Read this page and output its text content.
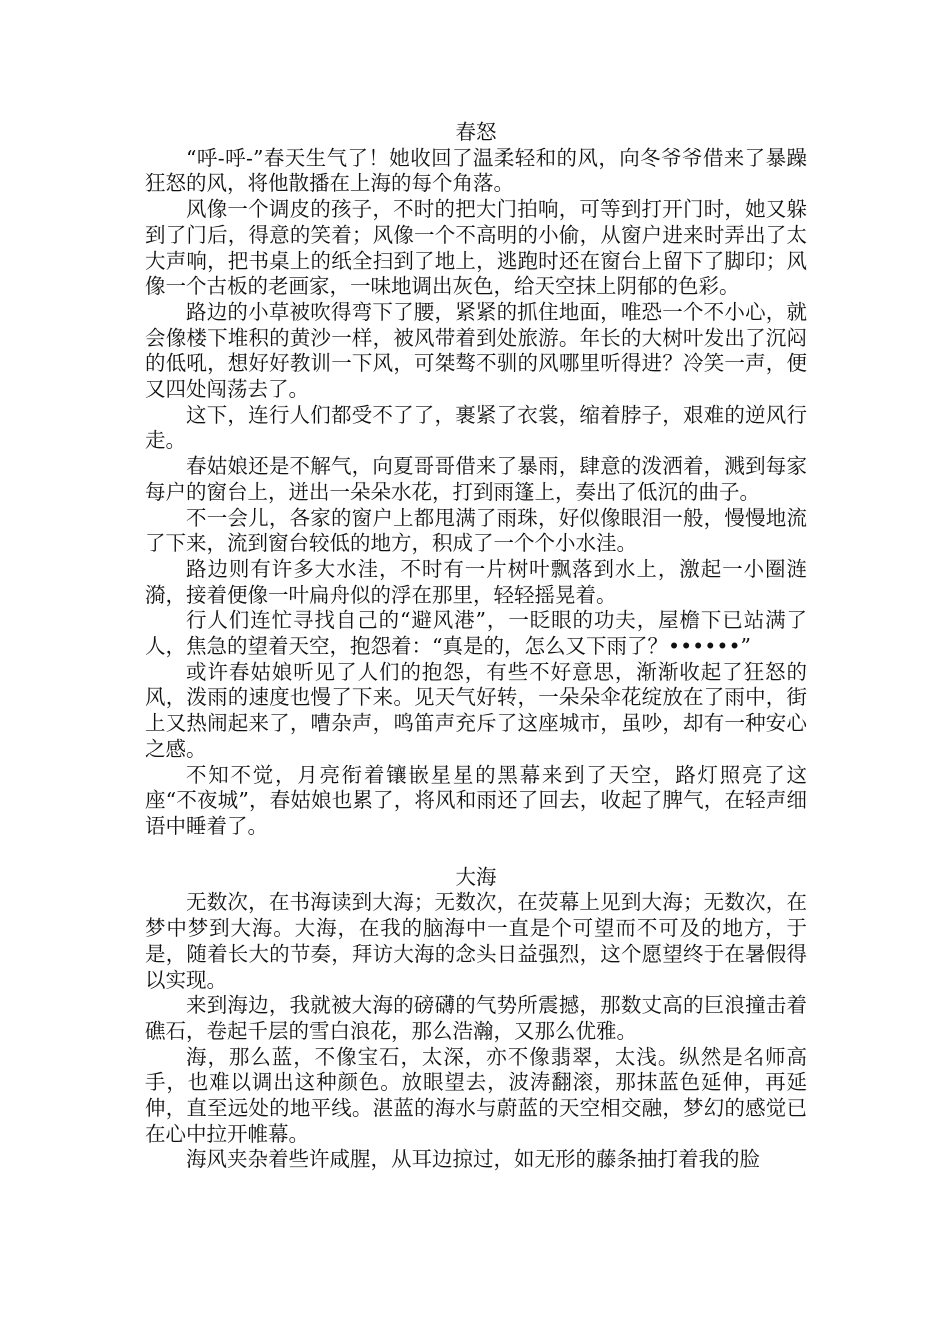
春怒

“呼-呼-”春天生气了！她收回了温柔轻和的风，向冬爷爷借来了暴躁狂怒的风，将他散播在上海的每个角落。

风像一个调皮的孩子，不时的把大门拍响，可等到打开门时，她又躲到了门后，得意的笑着；风像一个不高明的小偷，从窗户进来时弄出了太大声响，把书桌上的纸全扫到了地上，逃跑时还在窗台上留下了脚印；风像一个古板的老画家，一味地调出灰色，给天空抹上阴郁的色彩。

路边的小草被吹得弯下了腰，紧紧的抓住地面，唯恐一个不小心，就会像楼下堆积的黄沙一样，被风带着到处旅游。年长的大树叶发出了沉闷的低吼，想好好教训一下风，可桀骜不驯的风哪里听得进？冷笑一声，便又四处闯荡去了。

这下，连行人们都受不了了，裹紧了衣裳，缩着脖子，艰难的逆风行走。

春姑娘还是不解气，向夏哥哥借来了暴雨，肆意的泼洒着，溅到每家每户的窗台上，迸出一朵朵水花，打到雨篷上，奏出了低沉的曲子。

不一会儿，各家的窗户上都甩满了雨珠，好似像眼泪一般，慢慢地流了下来，流到窗台较低的地方，积成了一个个小水洼。

路边则有许多大水洼，不时有一片树叶飘落到水上，激起一小圈涟漪，接着便像一叶扁舟似的浮在那里，轻轻摇晃着。

行人们连忙寻找自己的“避风港”，一眨眼的功夫，屋檐下已站满了人，焦急的望着天空，抱怨着：“真是的，怎么又下雨了？••••••”

或许春姑娘听见了人们的抱怨，有些不好意思，渐渐收起了狂怒的风，泼雨的速度也慢了下来。见天气好转，一朵朵伞花绽放在了雨中，街上又热闹起来了，嘈杂声，鸣笛声充斥了这座城市，虽吵，却有一种安心之感。

不知不觉，月亮衔着镶嵌星星的黑幕来到了天空，路灯照亮了这座“不夜城”，春姑娘也累了，将风和雨还了回去，收起了脾气，在轻声细语中睡着了。

大海

无数次，在书海读到大海；无数次，在荧幕上见到大海；无数次，在梦中梦到大海。大海，在我的脑海中一直是个可望而不可及的地方，于是，随着长大的节奏，拜访大海的念头日益强烈，这个愿望终于在暑假得以实现。

来到海边，我就被大海的磅礴的气势所震撼，那数丈高的巨浪撞击着礁石，卷起千层的雪白浪花，那么浩瀚，又那么优雅。

海，那么蓝，不像宝石，太深，亦不像翡翠，太浅。纵然是名师高手，也难以调出这种颜色。放眼望去，波涛翻滚，那抹蓝色延伸，再延伸，直至远处的地平线。湛蓝的海水与蔚蓝的天空相交融，梦幻的感觉已在心中拉开帷幕。

海风夹杂着些许咸腥，从耳边掠过，如无形的藤条抽打着我的脸
